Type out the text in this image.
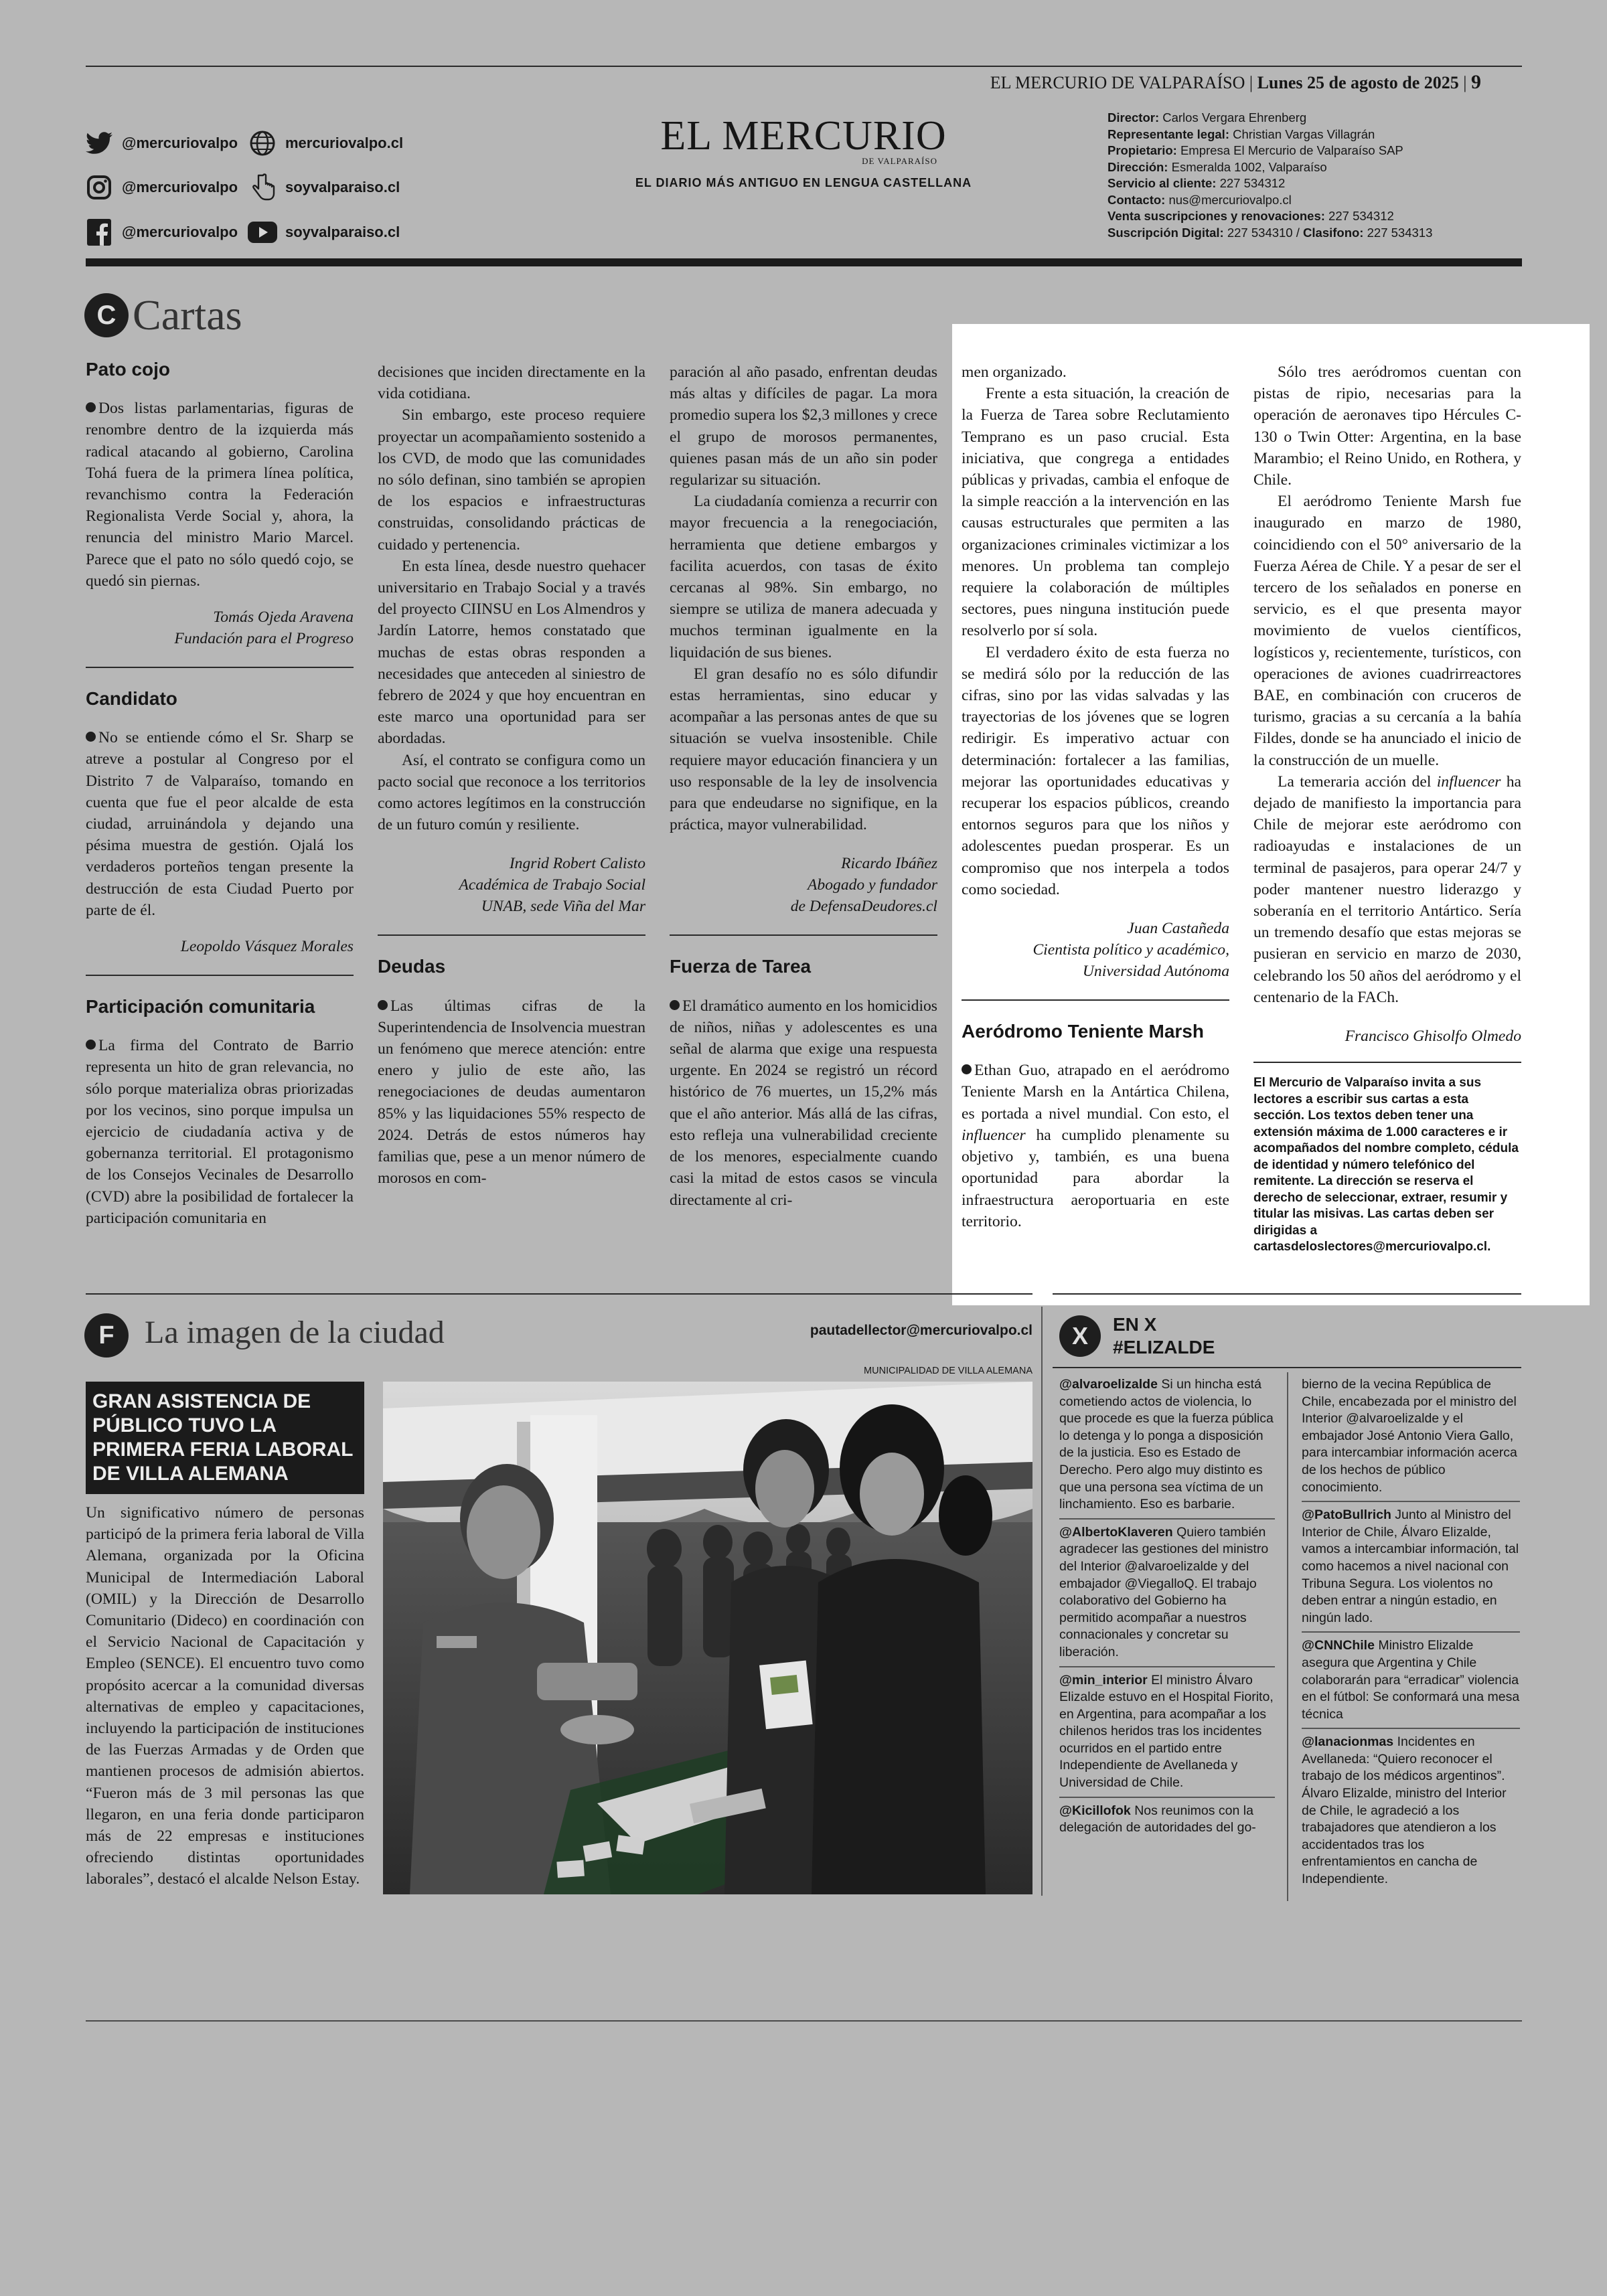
EL MERCURIO DE VALPARAÍSO | Lunes 25 de agosto de 2025 | 9
@mercuriovalpo	mercuriovalpo.cl
@mercuriovalpo	soyvalparaiso.cl
@mercuriovalpo	soyvalparaiso.cl
EL MERCURIO
DE VALPARAÍSO
EL DIARIO MÁS ANTIGUO EN LENGUA CASTELLANA
Director: Carlos Vergara Ehrenberg
Representante legal: Christian Vargas Villagrán
Propietario: Empresa El Mercurio de Valparaíso SAP
Dirección: Esmeralda 1002, Valparaíso
Servicio al cliente: 227 534312
Contacto: nus@mercuriovalpo.cl
Venta suscripciones y renovaciones: 227 534312
Suscripción Digital: 227 534310 / Clasifono: 227 534313
C Cartas

Pato cojo

Dos listas parlamentarias, figuras de renombre dentro de la izquierda más radical atacando al gobierno, Carolina Tohá fuera de la primera línea política, revanchismo contra la Federación Regionalista Verde Social y, ahora, la renuncia del ministro Mario Marcel. Parece que el pato no sólo quedó cojo, se quedó sin piernas.

Tomás Ojeda Aravena
Fundación para el Progreso

Candidato

No se entiende cómo el Sr. Sharp se atreve a postular al Congreso por el Distrito 7 de Valparaíso, tomando en cuenta que fue el peor alcalde de esta ciudad, arruinándola y dejando una pésima muestra de gestión. Ojalá los verdaderos porteños tengan presente la destrucción de esta Ciudad Puerto por parte de él.

Leopoldo Vásquez Morales

Participación comunitaria

La firma del Contrato de Barrio representa un hito de gran relevancia, no sólo porque materializa obras priorizadas por los vecinos, sino porque impulsa un ejercicio de ciudadanía activa y de gobernanza territorial. El protagonismo de los Consejos Vecinales de Desarrollo (CVD) abre la posibilidad de fortalecer la participación comunitaria en

decisiones que inciden directamente en la vida cotidiana.

Sin embargo, este proceso requiere proyectar un acompañamiento sostenido a los CVD, de modo que las comunidades no sólo definan, sino también se apropien de los espacios e infraestructuras construidas, consolidando prácticas de cuidado y pertenencia.

En esta línea, desde nuestro quehacer universitario en Trabajo Social y a través del proyecto CIINSU en Los Almendros y Jardín Latorre, hemos constatado que muchas de estas obras responden a necesidades que anteceden al siniestro de febrero de 2024 y que hoy encuentran en este marco una oportunidad para ser abordadas.

Así, el contrato se configura como un pacto social que reconoce a los territorios como actores legítimos en la construcción de un futuro común y resiliente.

Ingrid Robert Calisto
Académica de Trabajo Social
UNAB, sede Viña del Mar

Deudas

Las últimas cifras de la Superintendencia de Insolvencia muestran un fenómeno que merece atención: entre enero y julio de este año, las renegociaciones de deudas aumentaron 85% y las liquidaciones 55% respecto de 2024. Detrás de estos números hay familias que, pese a un menor número de morosos en com-

paración al año pasado, enfrentan deudas más altas y difíciles de pagar. La mora promedio supera los $2,3 millones y crece el grupo de morosos permanentes, quienes pasan más de un año sin poder regularizar su situación.

La ciudadanía comienza a recurrir con mayor frecuencia a la renegociación, herramienta que detiene embargos y facilita acuerdos, con tasas de éxito cercanas al 98%. Sin embargo, no siempre se utiliza de manera adecuada y muchos terminan igualmente en la liquidación de sus bienes.

El gran desafío no es sólo difundir estas herramientas, sino educar y acompañar a las personas antes de que su situación se vuelva insostenible. Chile requiere mayor educación financiera y un uso responsable de la ley de insolvencia para que endeudarse no signifique, en la práctica, mayor vulnerabilidad.

Ricardo Ibáñez
Abogado y fundador
de DefensaDeudores.cl

Fuerza de Tarea

El dramático aumento en los homicidios de niños, niñas y adolescentes es una señal de alarma que exige una respuesta urgente. En 2024 se registró un récord histórico de 76 muertes, un 15,2% más que el año anterior. Más allá de las cifras, esto refleja una vulnerabilidad creciente de los menores, especialmente cuando casi la mitad de estos casos se vincula directamente al cri-

men organizado.

Frente a esta situación, la creación de la Fuerza de Tarea sobre Reclutamiento Temprano es un paso crucial. Esta iniciativa, que congrega a entidades públicas y privadas, cambia el enfoque de la simple reacción a la intervención en las causas estructurales que permiten a las organizaciones criminales victimizar a los menores. Un problema tan complejo requiere la colaboración de múltiples sectores, pues ninguna institución puede resolverlo por sí sola.

El verdadero éxito de esta fuerza no se medirá sólo por la reducción de las cifras, sino por las vidas salvadas y las trayectorias de los jóvenes que se logren redirigir. Es imperativo actuar con determinación: fortalecer a las familias, mejorar las oportunidades educativas y recuperar los espacios públicos, creando entornos seguros para que los niños y adolescentes puedan prosperar. Es un compromiso que nos interpela a todos como sociedad.

Juan Castañeda
Cientista político y académico,
Universidad Autónoma

Aeródromo Teniente Marsh

Ethan Guo, atrapado en el aeródromo Teniente Marsh en la Antártica Chilena, es portada a nivel mundial. Con esto, el influencer ha cumplido plenamente su objetivo y, también, es una buena oportunidad para abordar la infraestructura aeroportuaria en este territorio.

Sólo tres aeródromos cuentan con pistas de ripio, necesarias para la operación de aeronaves tipo Hércules C-130 o Twin Otter: Argentina, en la base Marambio; el Reino Unido, en Rothera, y Chile.

El aeródromo Teniente Marsh fue inaugurado en marzo de 1980, coincidiendo con el 50° aniversario de la Fuerza Aérea de Chile. Y a pesar de ser el tercero de los señalados en ponerse en servicio, es el que presenta mayor movimiento de vuelos científicos, logísticos y, recientemente, turísticos, con operaciones de aviones cuadrirreactores BAE, en combinación con cruceros de turismo, gracias a su cercanía a la bahía Fildes, donde se ha anunciado el inicio de la construcción de un muelle.

La temeraria acción del influencer ha dejado de manifiesto la importancia para Chile de mejorar este aeródromo con radioayudas e instalaciones de un terminal de pasajeros, para operar 24/7 y poder mantener nuestro liderazgo y soberanía en el territorio Antártico. Sería un tremendo desafío que estas mejoras se pusieran en servicio en marzo de 2030, celebrando los 50 años del aeródromo y el centenario de la FACh.

Francisco Ghisolfo Olmedo

El Mercurio de Valparaíso invita a sus lectores a escribir sus cartas a esta sección. Los textos deben tener una extensión máxima de 1.000 caracteres e ir acompañados del nombre completo, cédula de identidad y número telefónico del remitente. La dirección se reserva el derecho de seleccionar, extraer, resumir y titular las misivas. Las cartas deben ser dirigidas a cartasdeloslectores@mercuriovalpo.cl.

F La imagen de la ciudad	pautadellector@mercuriovalpo.cl
MUNICIPALIDAD DE VILLA ALEMANA
GRAN ASISTENCIA DE PÚBLICO TUVO LA PRIMERA FERIA LABORAL DE VILLA ALEMANA
Un significativo número de personas participó de la primera feria laboral de Villa Alemana, organizada por la Oficina Municipal de Intermediación Laboral (OMIL) y la Dirección de Desarrollo Comunitario (Dideco) en coordinación con el Servicio Nacional de Capacitación y Empleo (SENCE). El encuentro tuvo como propósito acercar a la comunidad diversas alternativas de empleo y capacitaciones, incluyendo la participación de instituciones de las Fuerzas Armadas y de Orden que mantienen procesos de admisión abiertos. “Fueron más de 3 mil personas las que llegaron, en una feria donde participaron más de 22 empresas e instituciones ofreciendo distintas oportunidades laborales”, destacó el alcalde Nelson Estay.
X	EN X
#ELIZALDE
@alvaroelizalde Si un hincha está cometiendo actos de violencia, lo que procede es que la fuerza pública lo detenga y lo ponga a disposición de la justicia. Eso es Estado de Derecho. Pero algo muy distinto es que una persona sea víctima de un linchamiento. Eso es barbarie.
@AlbertoKlaveren Quiero también agradecer las gestiones del ministro del Interior @alvaroelizalde y del embajador @ViegalloQ. El trabajo colaborativo del Gobierno ha permitido acompañar a nuestros connacionales y concretar su liberación.
@min_interior El ministro Álvaro Elizalde estuvo en el Hospital Fiorito, en Argentina, para acompañar a los chilenos heridos tras los incidentes ocurridos en el partido entre Independiente de Avellaneda y Universidad de Chile.
@Kicillofok Nos reunimos con la delegación de autoridades del go-
bierno de la vecina República de Chile, encabezada por el ministro del Interior @alvaroelizalde y el embajador José Antonio Viera Gallo, para intercambiar información acerca de los hechos de público conocimiento.
@PatoBullrich Junto al Ministro del Interior de Chile, Álvaro Elizalde, vamos a intercambiar información, tal como hacemos a nivel nacional con Tribuna Segura. Los violentos no deben entrar a ningún estadio, en ningún lado.
@CNNChile Ministro Elizalde asegura que Argentina y Chile colaborarán para “erradicar” violencia en el fútbol: Se conformará una mesa técnica
@lanacionmas Incidentes en Avellaneda: “Quiero reconocer el trabajo de los médicos argentinos”. Álvaro Elizalde, ministro del Interior de Chile, le agradeció a los trabajadores que atendieron a los accidentados tras los enfrentamientos en cancha de Independiente.
